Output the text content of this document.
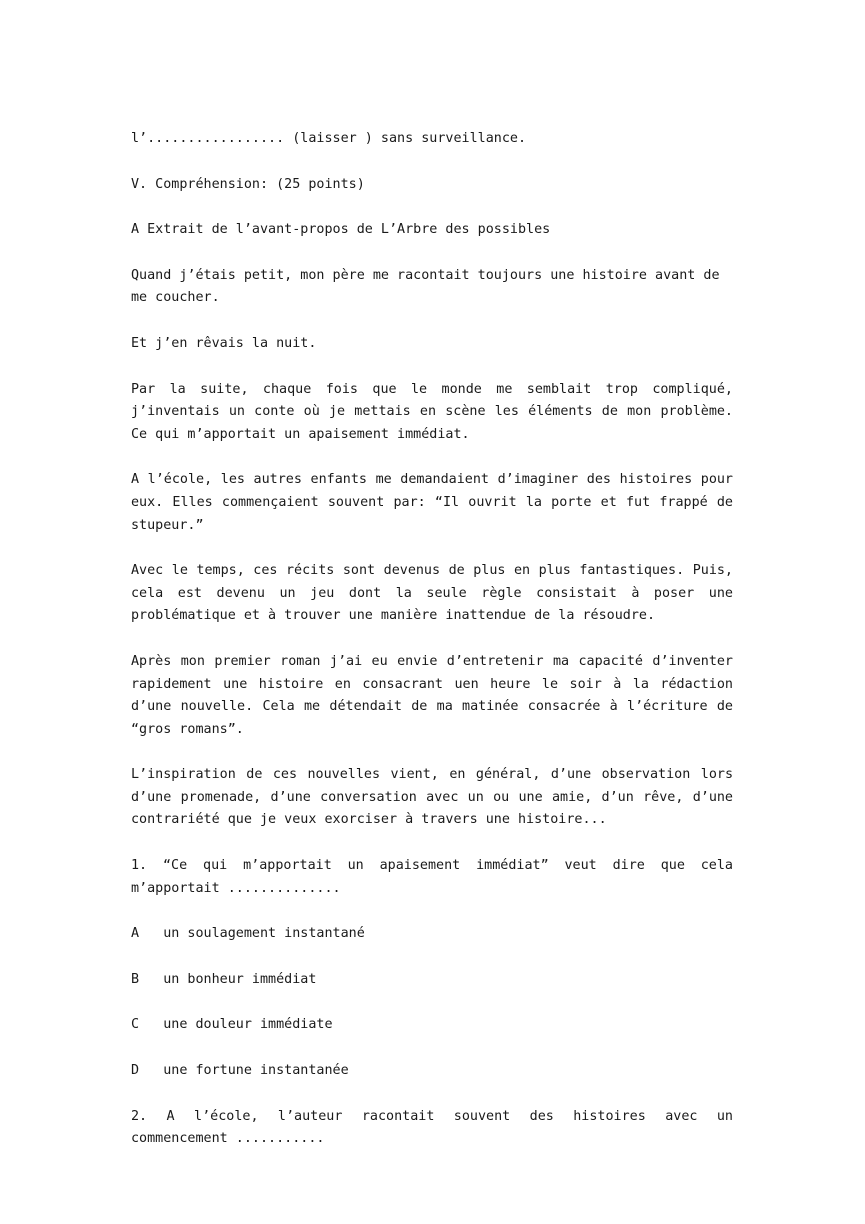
l’................. (laisser ) sans surveillance.

V. Compréhension: (25 points)

A Extrait de l’avant-propos de L’Arbre des possibles

Quand j’étais petit, mon père me racontait toujours une histoire avant de me coucher.

Et j’en rêvais la nuit.

Par la suite, chaque fois que le monde me semblait trop compliqué, j’inventais un conte où je mettais en scène les éléments de mon problème. Ce qui m’apportait un apaisement immédiat.

A l’école, les autres enfants me demandaient d’imaginer des histoires pour eux. Elles commençaient souvent par: “Il ouvrit la porte et fut frappé de stupeur.”

Avec le temps, ces récits sont devenus de plus en plus fantastiques. Puis, cela est devenu un jeu dont la seule règle consistait à poser une problématique et à trouver une manière inattendue de la résoudre.

Après mon premier roman j’ai eu envie d’entretenir ma capacité d’inventer rapidement une histoire en consacrant uen heure le soir à la rédaction d’une nouvelle. Cela me détendait de ma matinée consacrée à l’écriture de “gros romans”.

L’inspiration de ces nouvelles vient, en général, d’une observation lors d’une promenade, d’une conversation avec un ou une amie, d’un rêve, d’une contrariété que je veux exorciser à travers une histoire...

1. “Ce qui m’apportait un apaisement immédiat” veut dire que cela m’apportait ..............

A   un soulagement instantané

B   un bonheur immédiat

C   une douleur immédiate

D   une fortune instantanée

2. A l’école, l’auteur racontait souvent des histoires avec un commencement ...........
